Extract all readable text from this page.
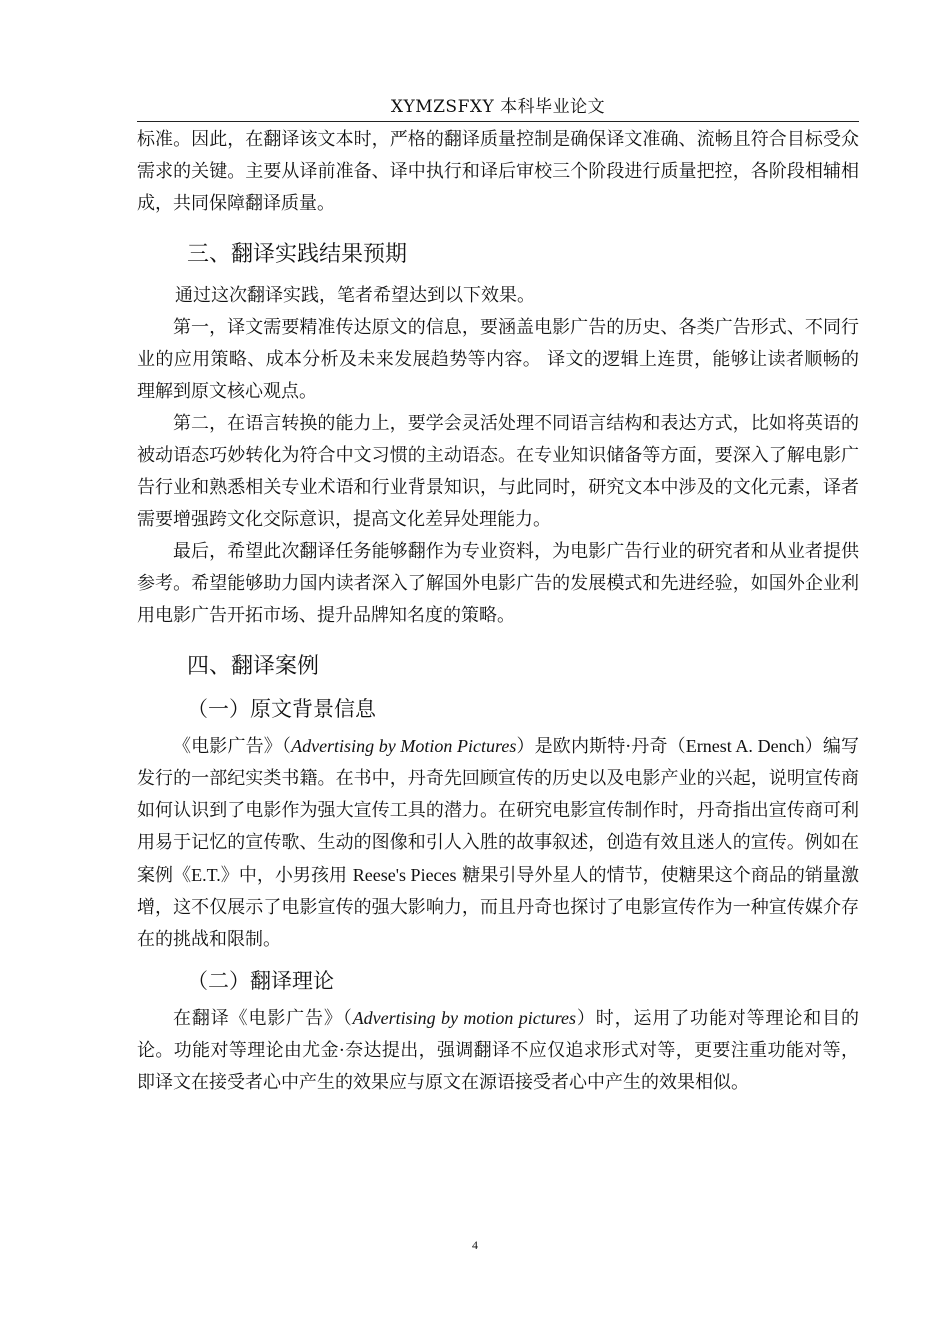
XYMZSFXY 本科毕业论文

标准。因此，在翻译该文本时，严格的翻译质量控制是确保译文准确、流畅且符合目标受众需求的关键。主要从译前准备、译中执行和译后审校三个阶段进行质量把控，各阶段相辅相成，共同保障翻译质量。

三、翻译实践结果预期

通过这次翻译实践，笔者希望达到以下效果。

第一，译文需要精准传达原文的信息，要涵盖电影广告的历史、各类广告形式、不同行业的应用策略、成本分析及未来发展趋势等内容。 译文的逻辑上连贯，能够让读者顺畅的理解到原文核心观点。

第二，在语言转换的能力上，要学会灵活处理不同语言结构和表达方式，比如将英语的被动语态巧妙转化为符合中文习惯的主动语态。在专业知识储备等方面，要深入了解电影广告行业和熟悉相关专业术语和行业背景知识，与此同时，研究文本中涉及的文化元素，译者需要增强跨文化交际意识，提高文化差异处理能力。

最后，希望此次翻译任务能够翻作为专业资料，为电影广告行业的研究者和从业者提供参考。希望能够助力国内读者深入了解国外电影广告的发展模式和先进经验，如国外企业利用电影广告开拓市场、提升品牌知名度的策略。

四、翻译案例
（一）原文背景信息

《电影广告》（Advertising by Motion Pictures）是欧内斯特·丹奇（Ernest A. Dench）编写发行的一部纪实类书籍。在书中，丹奇先回顾宣传的历史以及电影产业的兴起，说明宣传商如何认识到了电影作为强大宣传工具的潜力。在研究电影宣传制作时，丹奇指出宣传商可利用易于记忆的宣传歌、生动的图像和引人入胜的故事叙述，创造有效且迷人的宣传。例如在案例《E.T.》中，小男孩用 Reese's Pieces 糖果引导外星人的情节，使糖果这个商品的销量激增，这不仅展示了电影宣传的强大影响力，而且丹奇也探讨了电影宣传作为一种宣传媒介存在的挑战和限制。

（二）翻译理论

在翻译《电影广告》（Advertising by motion pictures）时，运用了功能对等理论和目的论。功能对等理论由尤金·奈达提出，强调翻译不应仅追求形式对等，更要注重功能对等，即译文在接受者心中产生的效果应与原文在源语接受者心中产生的效果相似。

4
